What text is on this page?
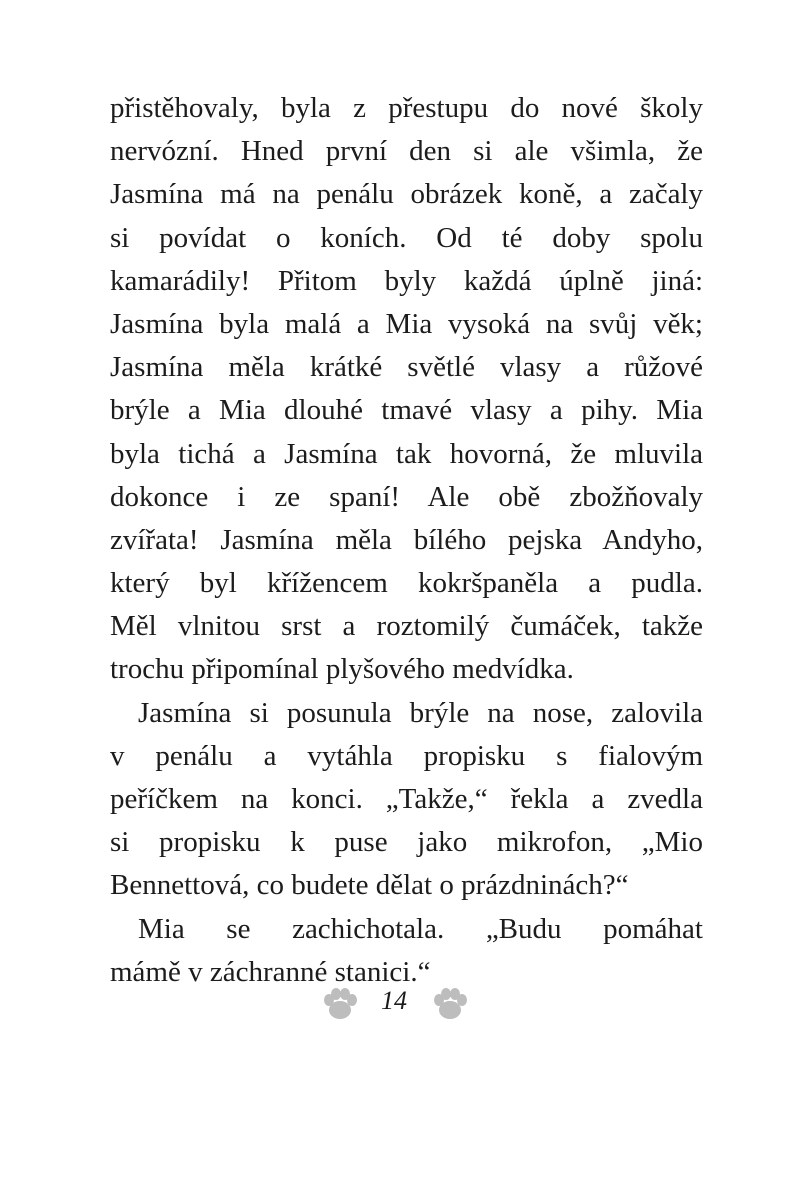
přistěhovaly, byla z přestupu do nové školy
nervózní. Hned první den si ale všimla, že
Jasmína má na penálu obrázek koně, a začaly
si povídat o koních. Od té doby spolu
kamarádily! Přitom byly každá úplně jiná:
Jasmína byla malá a Mia vysoká na svůj věk;
Jasmína měla krátké světlé vlasy a růžové
brýle a Mia dlouhé tmavé vlasy a pihy. Mia
byla tichá a Jasmína tak hovorná, že mluvila
dokonce i ze spaní! Ale obě zbožňovaly
zvířata! Jasmína měla bílého pejska Andyho,
který byl křížencem kokršpaněla a pudla.
Měl vlnitou srst a roztomilý čumáček, takže
trochu připomínal plyšového medvídka.
Jasmína si posunula brýle na nose, zalovila
v penálu a vytáhla propisku s fialovým
peříčkem na konci. „Takže,“ řekla a zvedla
si propisku k puse jako mikrofon, „Mio
Bennettová, co budete dělat o prázdninách?“
Mia se zachichotala. „Budu pomáhat
mámě v záchranné stanici.“
14
